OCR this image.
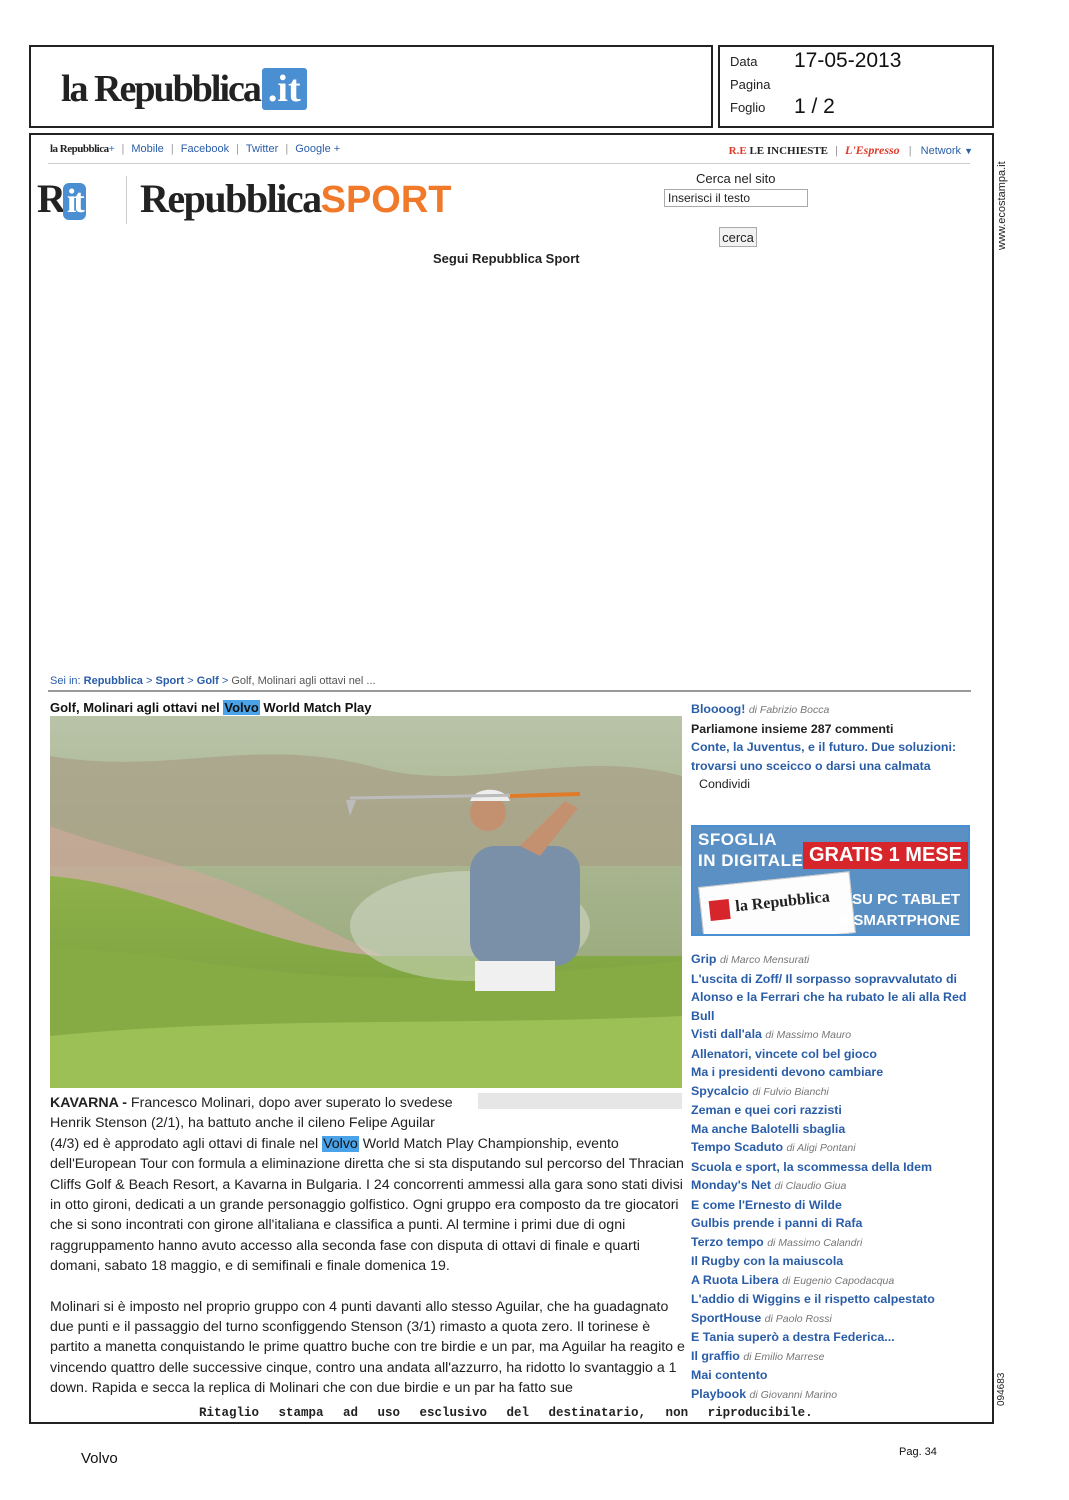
la Repubblica .it
Data 17-05-2013
Pagina
Foglio 1 / 2
www.ecostampa.it
094683
la Repubblica+ | Mobile | Facebook | Twitter | Google +	R.E LE INCHIESTE | L'Espresso | Network ▼
R it	RepubblicaSPORT
Cerca nel sito
Inserisci il testo
cerca
Segui Repubblica Sport
Sei in: Repubblica > Sport > Golf > Golf, Molinari agli ottavi nel ...
Golf, Molinari agli ottavi nel Volvo World Match Play

KAVARNA - Francesco Molinari, dopo aver superato lo svedese
Henrik Stenson (2/1), ha battuto anche il cileno Felipe Aguilar
(4/3) ed è approdato agli ottavi di finale nel Volvo World Match Play Championship, evento dell'European Tour con formula a eliminazione diretta che si sta disputando sul percorso del Thracian Cliffs Golf & Beach Resort, a Kavarna in Bulgaria. I 24 concorrenti ammessi alla gara sono stati divisi in otto gironi, dedicati a un grande personaggio golfistico. Ogni gruppo era composto da tre giocatori che si sono incontrati con girone all'italiana e classifica a punti. Al termine i primi due di ogni raggruppamento hanno avuto accesso alla seconda fase con disputa di ottavi di finale e quarti domani, sabato 18 maggio, e di semifinali e finale domenica 19.

Molinari si è imposto nel proprio gruppo con 4 punti davanti allo stesso Aguilar, che ha guadagnato due punti e il passaggio del turno sconfiggendo Stenson (3/1) rimasto a quota zero. Il torinese è partito a manetta conquistando le prime quattro buche con tre birdie e un par, ma Aguilar ha reagito e vincendo quattro delle successive cinque, contro una andata all'azzurro, ha ridotto lo svantaggio a 1 down. Rapida e secca la replica di Molinari che con due birdie e un par ha fatto sue

Bloooog! di Fabrizio Bocca
Parliamone insieme 287 commenti
Conte, la Juventus, e il futuro. Due soluzioni: trovarsi uno sceicco o darsi una calmata
Condividi
SFOGLIA
IN DIGITALE GRATIS 1 MESE
la Repubblica	SU PC TABLET
E SMARTPHONE
Grip di Marco Mensurati
L'uscita di Zoff/ Il sorpasso sopravvalutato di Alonso e la Ferrari che ha rubato le ali alla Red Bull
Visti dall'ala di Massimo Mauro
Allenatori, vincete col bel gioco
Ma i presidenti devono cambiare
Spycalcio di Fulvio Bianchi
Zeman e quei cori razzisti
Ma anche Balotelli sbaglia
Tempo Scaduto di Aligi Pontani
Scuola e sport, la scommessa della Idem
Monday's Net di Claudio Giua
E come l'Ernesto di Wilde
Gulbis prende i panni di Rafa
Terzo tempo di Massimo Calandri
Il Rugby con la maiuscola
A Ruota Libera di Eugenio Capodacqua
L'addio di Wiggins e il rispetto calpestato
SportHouse di Paolo Rossi
E Tania superò a destra Federica...
Il graffio di Emilio Marrese
Mai contento
Playbook di Giovanni Marino
Ritaglio stampa ad uso esclusivo del destinatario, non riproducibile.
Volvo	Pag. 34
